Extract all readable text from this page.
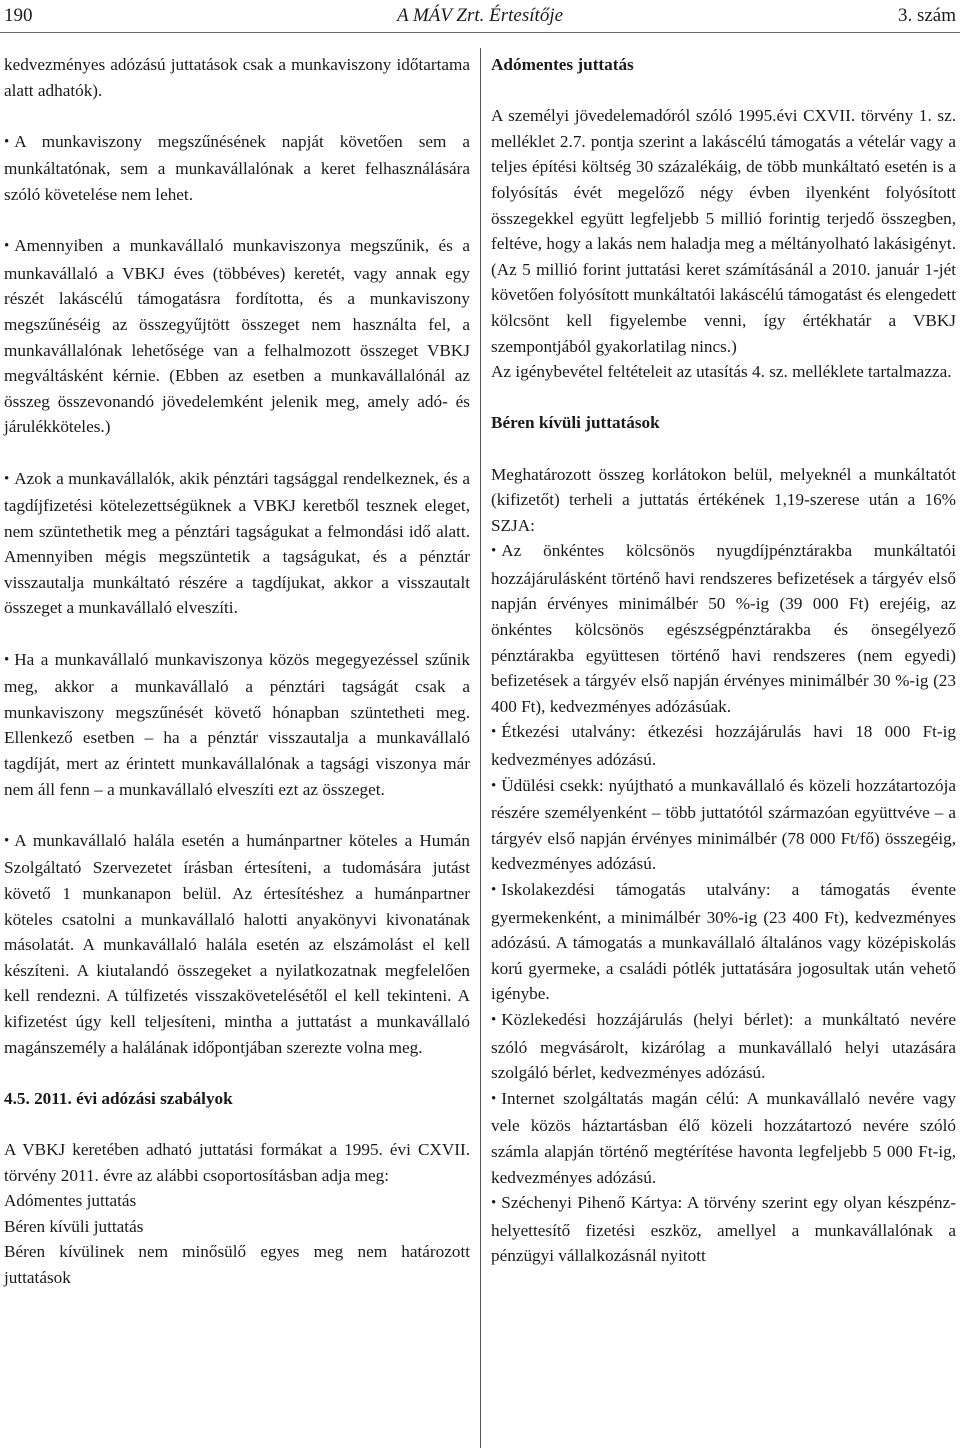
190	A MÁV Zrt. Értesítője	3. szám

kedvezményes adózású juttatások csak a munkaviszony időtartama alatt adhatók).

• A munkaviszony megszűnésének napját követően sem a munkáltatónak, sem a munkavállalónak a keret felhasználására szóló követelése nem lehet.

• Amennyiben a munkavállaló munkaviszonya megszűnik, és a munkavállaló a VBKJ éves (többéves) keretét, vagy annak egy részét lakáscélú támogatásra fordította, és a munkaviszony megszűnéséig az összegyűjtött összeget nem használta fel, a munkavállalónak lehetősége van a felhalmozott összeget VBKJ megváltásként kérnie. (Ebben az esetben a munkavállalónál az összeg összevonandó jövedelemként jelenik meg, amely adó- és járulékköteles.)

• Azok a munkavállalók, akik pénztári tagsággal rendelkeznek, és a tagdíjfizetési kötelezettségüknek a VBKJ keretből tesznek eleget, nem szüntethetik meg a pénztári tagságukat a felmondási idő alatt. Amennyiben mégis megszüntetik a tagságukat, és a pénztár visszautalja munkáltató részére a tagdíjukat, akkor a visszautalt összeget a munkavállaló elveszíti.

• Ha a munkavállaló munkaviszonya közös megegyezéssel szűnik meg, akkor a munkavállaló a pénztári tagságát csak a munkaviszony megszűnését követő hónapban szüntetheti meg. Ellenkező esetben – ha a pénztár visszautalja a munkavállaló tagdíját, mert az érintett munkavállalónak a tagsági viszonya már nem áll fenn – a munkavállaló elveszíti ezt az összeget.

• A munkavállaló halála esetén a humánpartner köteles a Humán Szolgáltató Szervezetet írásban értesíteni, a tudomására jutást követő 1 munkanapon belül. Az értesítéshez a humánpartner köteles csatolni a munkavállaló halotti anyakönyvi kivonatának másolatát. A munkavállaló halála esetén az elszámolást el kell készíteni. A kiutalandó összegeket a nyilatkozatnak megfelelően kell rendezni. A túlfizetés visszakövetelésétől el kell tekinteni. A kifizetést úgy kell teljesíteni, mintha a juttatást a munkavállaló magánszemély a halálának időpontjában szerezte volna meg.

4.5. 2011. évi adózási szabályok

A VBKJ keretében adható juttatási formákat a 1995. évi CXVII. törvény 2011. évre az alábbi csoportosításban adja meg:

Adómentes juttatás
Béren kívüli juttatás

Béren kívülinek nem minősülő egyes meg nem határozott juttatások

Adómentes juttatás

A személyi jövedelemadóról szóló 1995.évi CXVII. törvény 1. sz. melléklet 2.7. pontja szerint a lakáscélú támogatás a vételár vagy a teljes építési költség 30 százalékáig, de több munkáltató esetén is a folyósítás évét megelőző négy évben ilyenként folyósított összegekkel együtt legfeljebb 5 millió forintig terjedő összegben, feltéve, hogy a lakás nem haladja meg a méltányolható lakásigényt. (Az 5 millió forint juttatási keret számításánál a 2010. január 1-jét követően folyósított munkáltatói lakáscélú támogatást és elengedett kölcsönt kell figyelembe venni, így értékhatár a VBKJ szempontjából gyakorlatilag nincs.)

Az igénybevétel feltételeit az utasítás 4. sz. melléklete tartalmazza.

Béren kívüli juttatások

Meghatározott összeg korlátokon belül, melyeknél a munkáltatót (kifizetőt) terheli a juttatás értékének 1,19-szerese után a 16% SZJA:

• Az önkéntes kölcsönös nyugdíjpénztárakba munkáltatói hozzájárulásként történő havi rendszeres befizetések a tárgyév első napján érvényes minimálbér 50 %-ig (39 000 Ft) erejéig, az önkéntes kölcsönös egészségpénztárakba és önsegélyező pénztárakba együttesen történő havi rendszeres (nem egyedi) befizetések a tárgyév első napján érvényes minimálbér 30 %-ig (23 400 Ft), kedvezményes adózásúak.

• Étkezési utalvány: étkezési hozzájárulás havi 18 000 Ft-ig kedvezményes adózású.

• Üdülési csekk: nyújtható a munkavállaló és közeli hozzátartozója részére személyenként – több juttatótól származóan együttvéve – a tárgyév első napján érvényes minimálbér (78 000 Ft/fő) összegéig, kedvezményes adózású.

• Iskolakezdési támogatás utalvány: a támogatás évente gyermekenként, a minimálbér 30%-ig (23 400 Ft), kedvezményes adózású. A támogatás a munkavállaló általános vagy középiskolás korú gyermeke, a családi pótlék juttatására jogosultak után vehető igénybe.

• Közlekedési hozzájárulás (helyi bérlet): a munkáltató nevére szóló megvásárolt, kizárólag a munkavállaló helyi utazására szolgáló bérlet, kedvezményes adózású.

• Internet szolgáltatás magán célú: A munkavállaló nevére vagy vele közös háztartásban élő közeli hozzátartozó nevére szóló számla alapján történő megtérítése havonta legfeljebb 5 000 Ft-ig, kedvezményes adózású.

• Széchenyi Pihenő Kártya: A törvény szerint egy olyan készpénz-helyettesítő fizetési eszköz, amellyel a munkavállalónak a pénzügyi vállalkozásnál nyitott
